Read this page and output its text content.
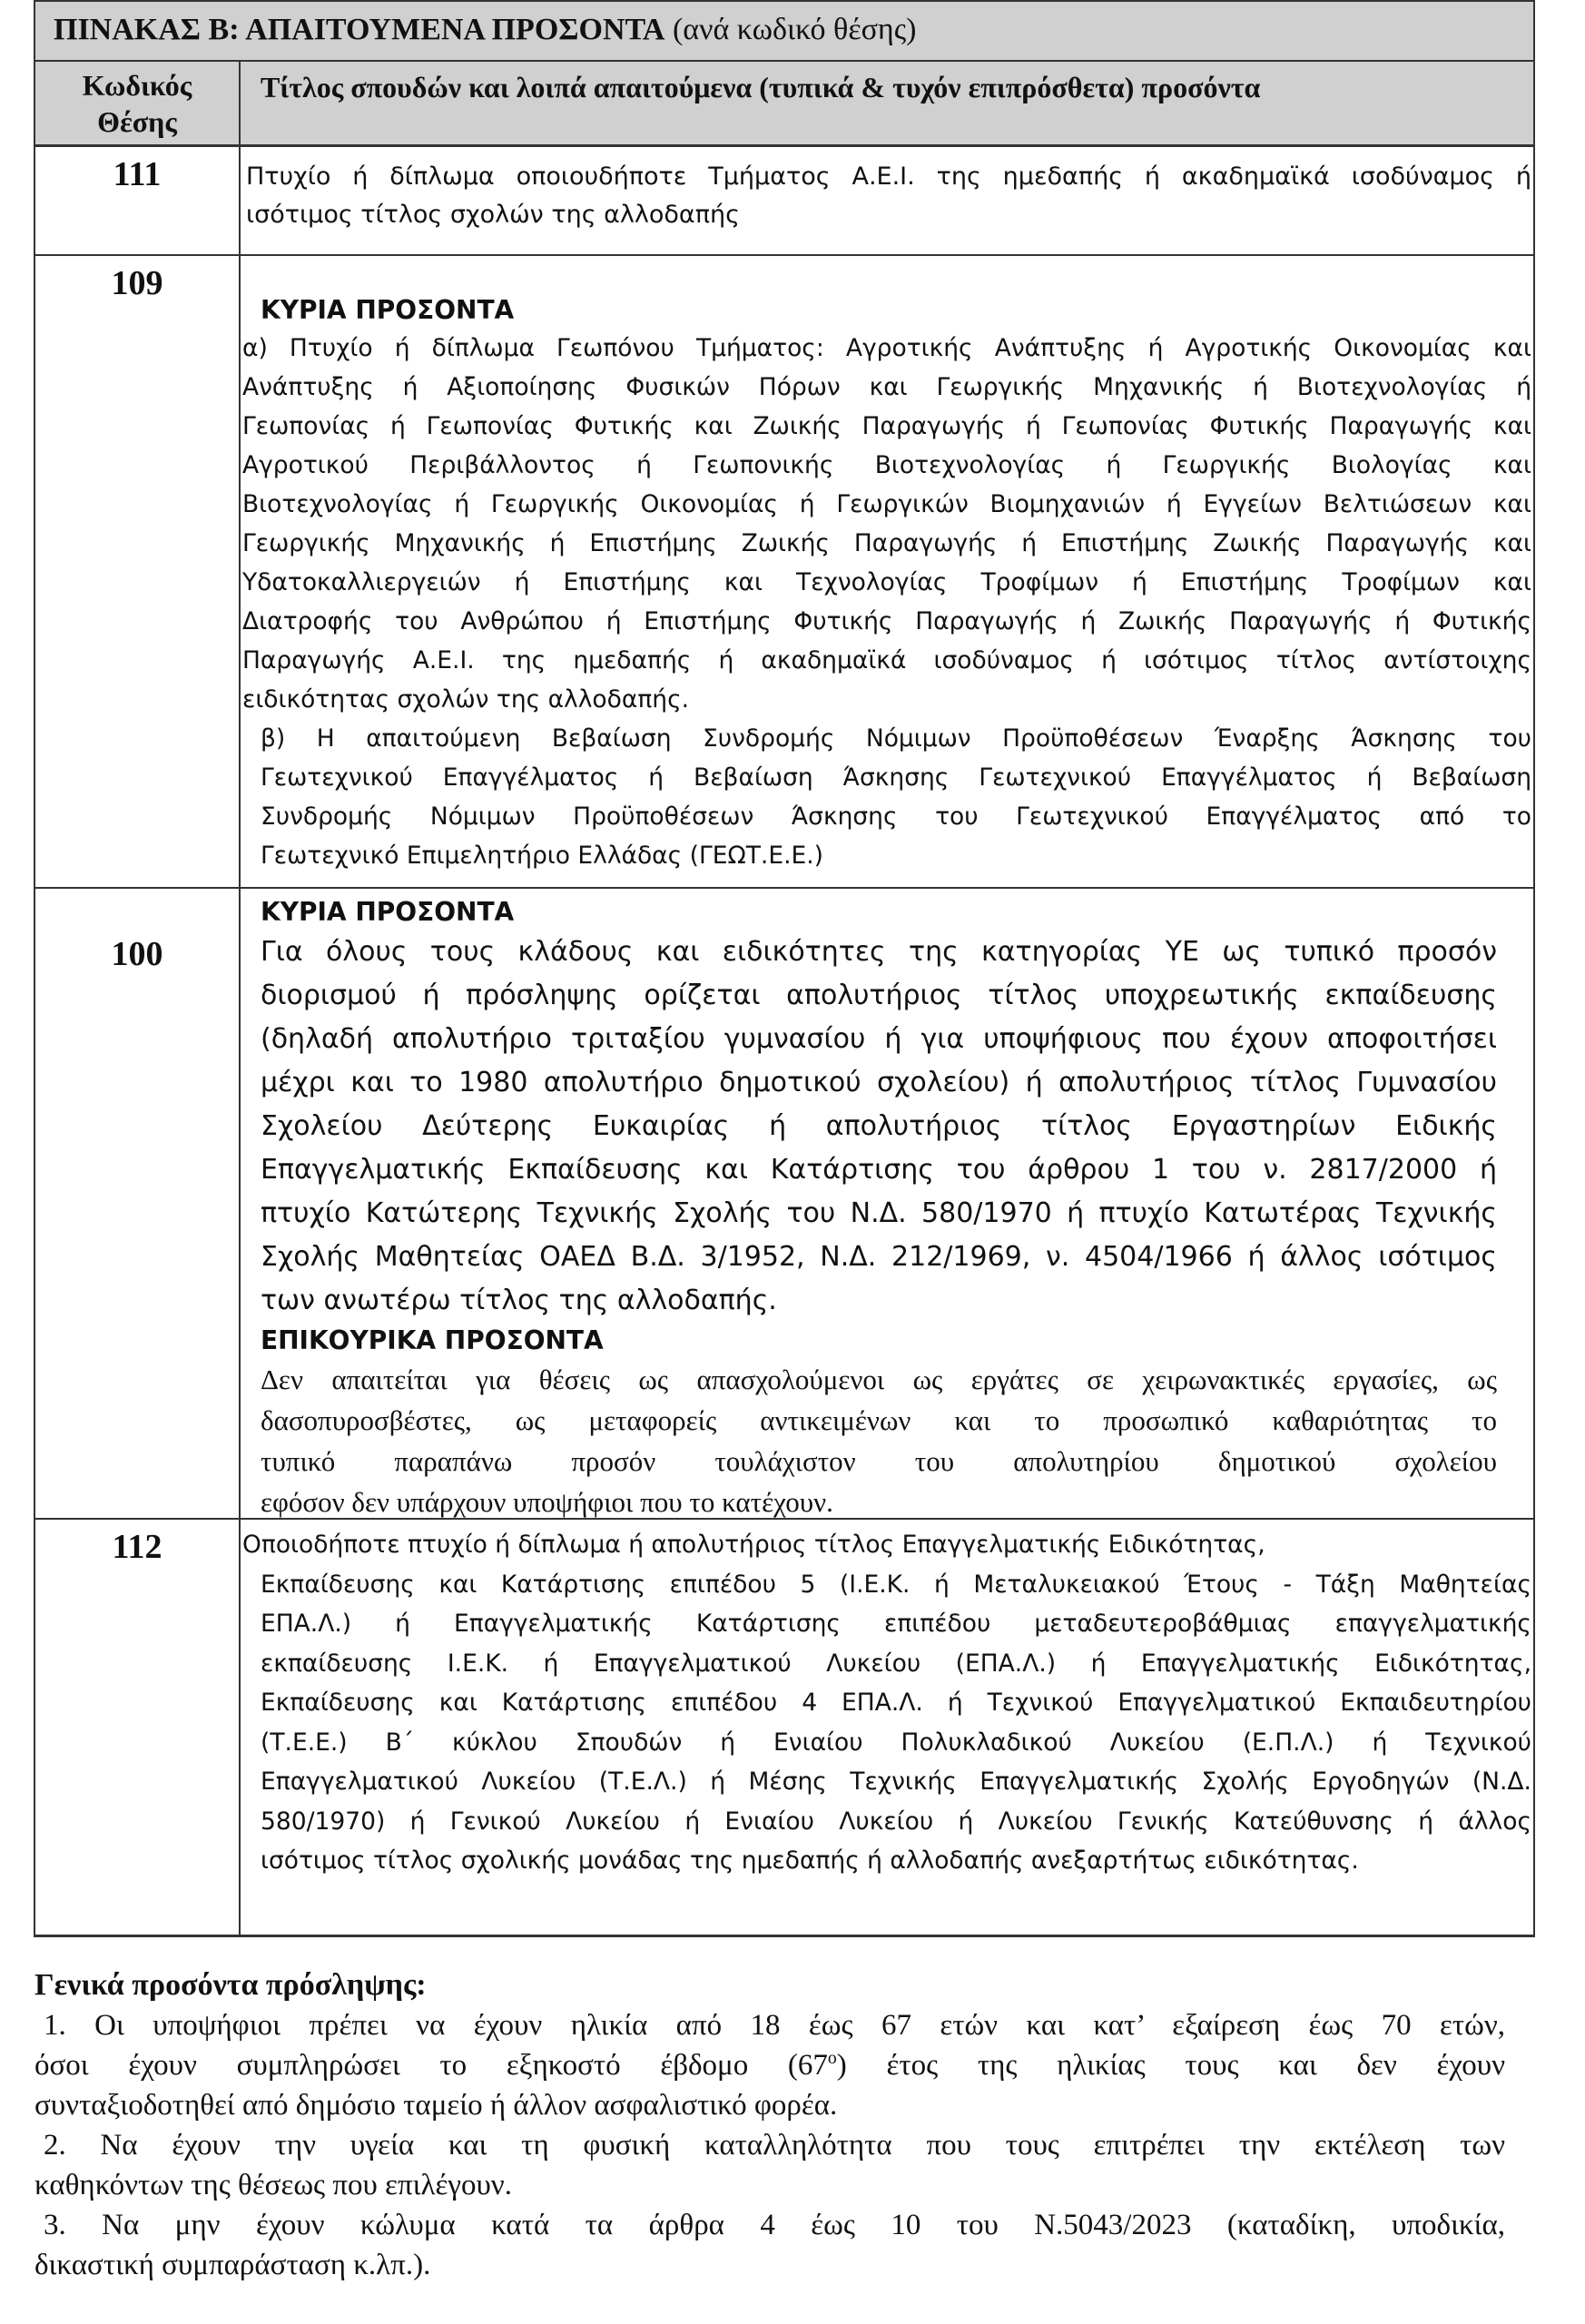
ΠΙΝΑΚΑΣ Β: ΑΠΑΙΤΟΥΜΕΝΑ ΠΡΟΣΟΝΤΑ (ανά κωδικό θέσης)
Κωδικός
Θέσης
Τίτλος σπουδών και λοιπά απαιτούμενα (τυπικά & τυχόν επιπρόσθετα) προσόντα
111	Πτυχίο ή δίπλωμα οποιουδήποτε Τμήματος Α.Ε.Ι. της ημεδαπής ή ακαδημαϊκά ισοδύναμος ή
ισότιμος τίτλος σχολών της αλλοδαπής
109
ΚΥΡΙΑ ΠΡΟΣΟΝΤΑ
α) Πτυχίο ή δίπλωμα Γεωπόνου Τμήματος: Αγροτικής Ανάπτυξης ή Αγροτικής Οικονομίας και
Ανάπτυξης ή Αξιοποίησης Φυσικών Πόρων και Γεωργικής Μηχανικής ή Βιοτεχνολογίας ή
Γεωπονίας ή Γεωπονίας Φυτικής και Ζωικής Παραγωγής ή Γεωπονίας Φυτικής Παραγωγής και
Αγροτικού Περιβάλλοντος ή Γεωπονικής Βιοτεχνολογίας ή Γεωργικής Βιολογίας και
Βιοτεχνολογίας ή Γεωργικής Οικονομίας ή Γεωργικών Βιομηχανιών ή Εγγείων Βελτιώσεων και
Γεωργικής Μηχανικής ή Επιστήμης Ζωικής Παραγωγής ή Επιστήμης Ζωικής Παραγωγής και
Υδατοκαλλιεργειών ή Επιστήμης και Τεχνολογίας Τροφίμων ή Επιστήμης Τροφίμων και
Διατροφής του Ανθρώπου ή Επιστήμης Φυτικής Παραγωγής ή Ζωικής Παραγωγής ή Φυτικής
Παραγωγής Α.Ε.Ι. της ημεδαπής ή ακαδημαϊκά ισοδύναμος ή ισότιμος τίτλος αντίστοιχης
ειδικότητας σχολών της αλλοδαπής.
β) Η απαιτούμενη Βεβαίωση Συνδρομής Νόμιμων Προϋποθέσεων Έναρξης Άσκησης του
Γεωτεχνικού Επαγγέλματος ή Βεβαίωση Άσκησης Γεωτεχνικού Επαγγέλματος ή Βεβαίωση
Συνδρομής Νόμιμων Προϋποθέσεων Άσκησης του Γεωτεχνικού Επαγγέλματος από το
Γεωτεχνικό Επιμελητήριο Ελλάδας (ΓΕΩΤ.Ε.Ε.)
100
ΚΥΡΙΑ ΠΡΟΣΟΝΤΑ
Για όλους τους κλάδους και ειδικότητες της κατηγορίας ΥΕ ως τυπικό προσόν
διορισμού ή πρόσληψης ορίζεται απολυτήριος τίτλος υποχρεωτικής εκπαίδευσης
(δηλαδή απολυτήριο τριταξίου γυμνασίου ή για υποψήφιους που έχουν αποφοιτήσει
μέχρι και το 1980 απολυτήριο δημοτικού σχολείου) ή απολυτήριος τίτλος Γυμνασίου
Σχολείου Δεύτερης Ευκαιρίας ή απολυτήριος τίτλος Εργαστηρίων Ειδικής
Επαγγελματικής Εκπαίδευσης και Κατάρτισης του άρθρου 1 του ν. 2817/2000 ή
πτυχίο Κατώτερης Τεχνικής Σχολής του Ν.Δ. 580/1970 ή πτυχίο Κατωτέρας Τεχνικής
Σχολής Μαθητείας ΟΑΕΔ Β.Δ. 3/1952, Ν.Δ. 212/1969, ν. 4504/1966 ή άλλος ισότιμος
των ανωτέρω τίτλος της αλλοδαπής.
ΕΠΙΚΟΥΡΙΚΑ ΠΡΟΣΟΝΤΑ
Δεν απαιτείται για θέσεις ως απασχολούμενοι ως εργάτες σε χειρωνακτικές εργασίες, ως
δασοπυροσβέστες, ως μεταφορείς αντικειμένων και το προσωπικό καθαριότητας το
τυπικό παραπάνω προσόν τουλάχιστον του απολυτηρίου δημοτικού σχολείου
εφόσον δεν υπάρχουν υποψήφιοι που το κατέχουν.
112	Οποιοδήποτε πτυχίο ή δίπλωμα ή απολυτήριος τίτλος Επαγγελματικής Ειδικότητας,
Εκπαίδευσης και Κατάρτισης επιπέδου 5 (Ι.Ε.Κ. ή Μεταλυκειακού Έτους - Τάξη Μαθητείας
ΕΠΑ.Λ.) ή Επαγγελματικής Κατάρτισης επιπέδου μεταδευτεροβάθμιας επαγγελματικής
εκπαίδευσης Ι.Ε.Κ. ή Επαγγελματικού Λυκείου (ΕΠΑ.Λ.) ή Επαγγελματικής Ειδικότητας,
Εκπαίδευσης και Κατάρτισης επιπέδου 4 ΕΠΑ.Λ. ή Τεχνικού Επαγγελματικού Εκπαιδευτηρίου
(Τ.Ε.Ε.) Β΄ κύκλου Σπουδών ή Ενιαίου Πολυκλαδικού Λυκείου (Ε.Π.Λ.) ή Τεχνικού
Επαγγελματικού Λυκείου (Τ.Ε.Λ.) ή Μέσης Τεχνικής Επαγγελματικής Σχολής Εργοδηγών (Ν.Δ.
580/1970) ή Γενικού Λυκείου ή Ενιαίου Λυκείου ή Λυκείου Γενικής Κατεύθυνσης ή άλλος
ισότιμος τίτλος σχολικής μονάδας της ημεδαπής ή αλλοδαπής ανεξαρτήτως ειδικότητας.
Γενικά προσόντα πρόσληψης:
1. Οι υποψήφιοι πρέπει να έχουν ηλικία από 18 έως 67 ετών και κατ’ εξαίρεση έως 70 ετών,
όσοι έχουν συμπληρώσει το εξηκοστό έβδομο $(67^o)$ έτος της ηλικίας τους και δεν έχουν
συνταξιοδοτηθεί από δημόσιο ταμείο ή άλλον ασφαλιστικό φορέα.
2. Να έχουν την υγεία και τη φυσική καταλληλότητα που τους επιτρέπει την εκτέλεση των
καθηκόντων της θέσεως που επιλέγουν.
3. Να μην έχουν κώλυμα κατά τα άρθρα 4 έως 10 του Ν.5043/2023 (καταδίκη, υποδικία,
δικαστική συμπαράσταση κ.λπ.).
